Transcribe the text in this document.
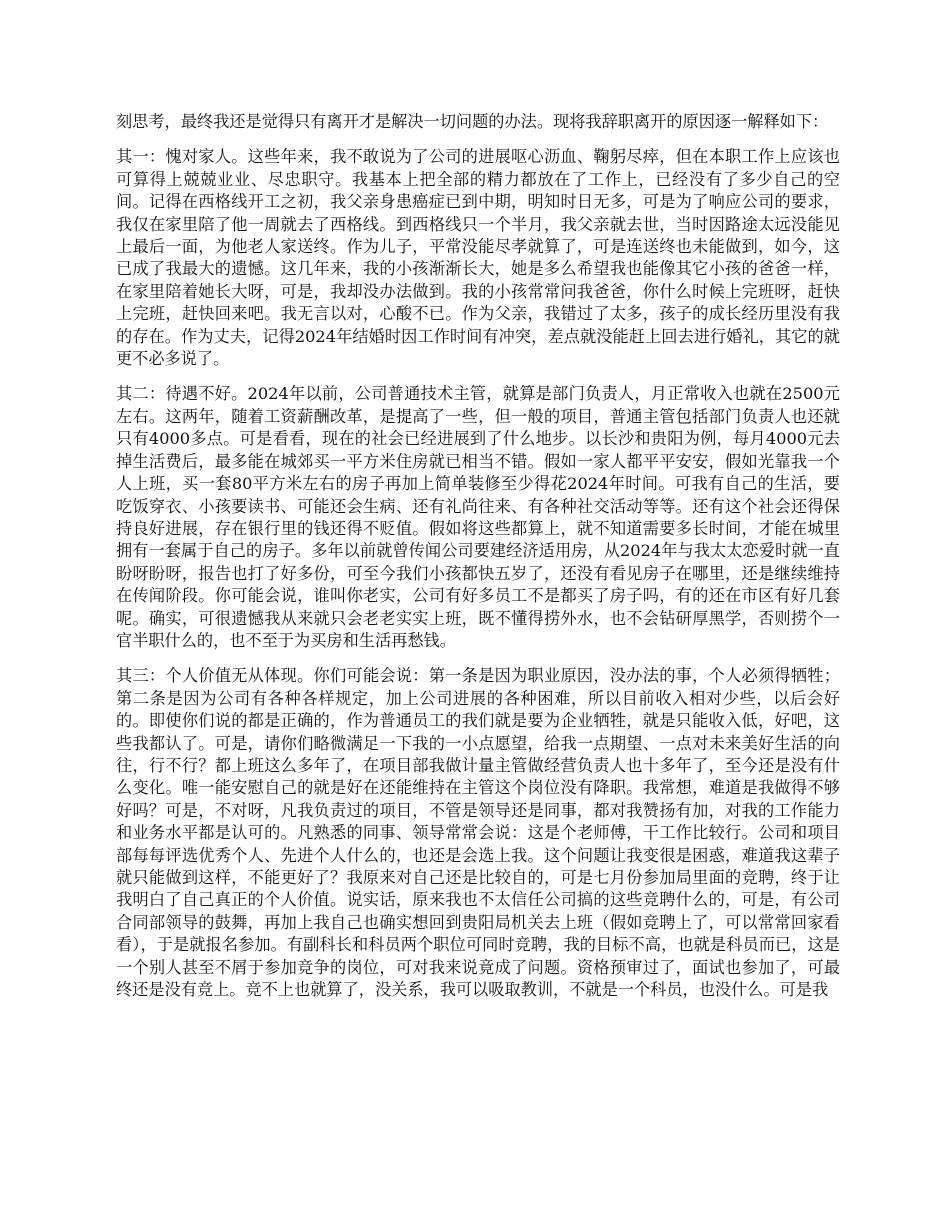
刻思考，最终我还是觉得只有离开才是解决一切问题的办法。现将我辞职离开的原因逐一解释如下：

其一：愧对家人。这些年来，我不敢说为了公司的进展呕心沥血、鞠躬尽瘁，但在本职工作上应该也可算得上兢兢业业、尽忠职守。我基本上把全部的精力都放在了工作上，已经没有了多少自己的空间。记得在西格线开工之初，我父亲身患癌症已到中期，明知时日无多，可是为了响应公司的要求，我仅在家里陪了他一周就去了西格线。到西格线只一个半月，我父亲就去世，当时因路途太远没能见上最后一面，为他老人家送终。作为儿子，平常没能尽孝就算了，可是连送终也未能做到，如今，这已成了我最大的遗憾。这几年来，我的小孩渐渐长大，她是多么希望我也能像其它小孩的爸爸一样，在家里陪着她长大呀，可是，我却没办法做到。我的小孩常常问我爸爸，你什么时候上完班呀，赶快上完班，赶快回来吧。我无言以对，心酸不已。作为父亲，我错过了太多，孩子的成长经历里没有我的存在。作为丈夫，记得2024年结婚时因工作时间有冲突，差点就没能赶上回去进行婚礼，其它的就更不必多说了。

其二：待遇不好。2024年以前，公司普通技术主管，就算是部门负责人，月正常收入也就在2500元左右。这两年，随着工资薪酬改革，是提高了一些，但一般的项目，普通主管包括部门负责人也还就只有4000多点。可是看看，现在的社会已经进展到了什么地步。以长沙和贵阳为例，每月4000元去掉生活费后，最多能在城郊买一平方米住房就已相当不错。假如一家人都平平安安，假如光靠我一个人上班，买一套80平方米左右的房子再加上简单装修至少得花2024年时间。可我有自己的生活，要吃饭穿衣、小孩要读书、可能还会生病、还有礼尚往来、有各种社交活动等等。还有这个社会还得保持良好进展，存在银行里的钱还得不贬值。假如将这些都算上，就不知道需要多长时间，才能在城里拥有一套属于自己的房子。多年以前就曾传闻公司要建经济适用房，从2024年与我太太恋爱时就一直盼呀盼呀，报告也打了好多份，可至今我们小孩都快五岁了，还没有看见房子在哪里，还是继续维持在传闻阶段。你可能会说，谁叫你老实，公司有好多员工不是都买了房子吗，有的还在市区有好几套呢。确实，可很遗憾我从来就只会老老实实上班，既不懂得捞外水，也不会钻研厚黑学，否则捞个一官半职什么的，也不至于为买房和生活再愁钱。

其三：个人价值无从体现。你们可能会说：第一条是因为职业原因，没办法的事，个人必须得牺牲；第二条是因为公司有各种各样规定，加上公司进展的各种困难，所以目前收入相对少些，以后会好的。即使你们说的都是正确的，作为普通员工的我们就是要为企业牺牲，就是只能收入低，好吧，这些我都认了。可是，请你们略微满足一下我的一小点愿望，给我一点期望、一点对未来美好生活的向往，行不行？都上班这么多年了，在项目部我做计量主管做经营负责人也十多年了，至今还是没有什么变化。唯一能安慰自己的就是好在还能维持在主管这个岗位没有降职。我常想，难道是我做得不够好吗？可是，不对呀，凡我负责过的项目，不管是领导还是同事，都对我赞扬有加，对我的工作能力和业务水平都是认可的。凡熟悉的同事、领导常常会说：这是个老师傅，干工作比较行。公司和项目部每每评选优秀个人、先进个人什么的，也还是会选上我。这个问题让我变很是困惑，难道我这辈子就只能做到这样，不能更好了？我原来对自己还是比较自的，可是七月份参加局里面的竞聘，终于让我明白了自己真正的个人价值。说实话，原来我也不太信任公司搞的这些竞聘什么的，可是，有公司合同部领导的鼓舞，再加上我自己也确实想回到贵阳局机关去上班（假如竞聘上了，可以常常回家看看），于是就报名参加。有副科长和科员两个职位可同时竞聘，我的目标不高，也就是科员而已，这是一个别人甚至不屑于参加竞争的岗位，可对我来说竟成了问题。资格预审过了，面试也参加了，可最终还是没有竞上。竞不上也就算了，没关系，我可以吸取教训，不就是一个科员，也没什么。可是我
